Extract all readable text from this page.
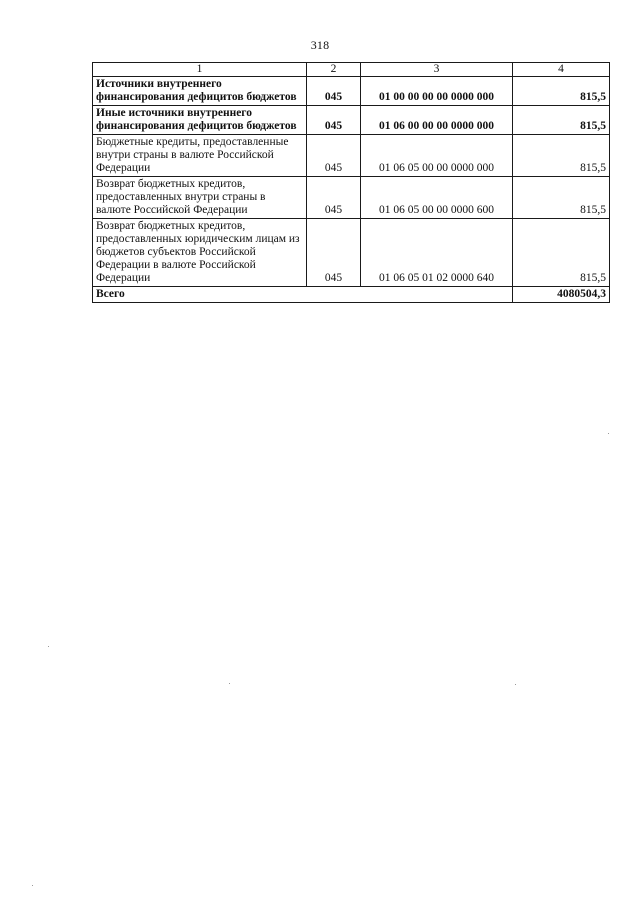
318
1	2	3	4
Источники внутреннего финансирования дефицитов бюджетов	045	01 00 00 00 00 0000 000	815,5
Иные источники внутреннего финансирования дефицитов бюджетов	045	01 06 00 00 00 0000 000	815,5
Бюджетные кредиты, предоставленные внутри страны в валюте Российской Федерации	045	01 06 05 00 00 0000 000	815,5
Возврат бюджетных кредитов, предоставленных внутри страны в валюте Российской Федерации	045	01 06 05 00 00 0000 600	815,5
Возврат бюджетных кредитов, предоставленных юридическим лицам из бюджетов субъектов Российской Федерации в валюте Российской Федерации	045	01 06 05 01 02 0000 640	815,5
Всего			4080504,3
